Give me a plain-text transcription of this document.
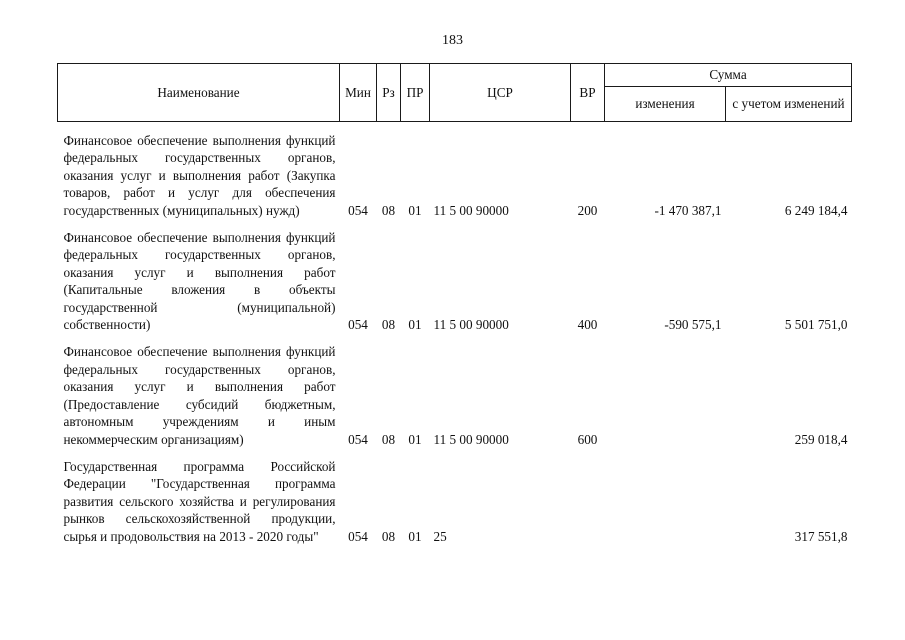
183
Наименование	Мин	Рз	ПР	ЦСР	ВР	Сумма	
						изменения	с учетом изменений

Финансовое обеспечение выполнения функций федеральных государственных органов, оказания услуг и выполнения работ (Закупка товаров, работ и услуг для обеспечения государственных (муниципальных) нужд)	054	08	01	11 5 00 90000	200	-1 470 387,1	6 249 184,4

Финансовое обеспечение выполнения функций федеральных государственных органов, оказания услуг и выполнения работ (Капитальные вложения в объекты государственной (муниципальной) собственности)	054	08	01	11 5 00 90000	400	-590 575,1	5 501 751,0

Финансовое обеспечение выполнения функций федеральных государственных органов, оказания услуг и выполнения работ (Предоставление субсидий бюджетным, автономным учреждениям и иным некоммерческим организациям)	054	08	01	11 5 00 90000	600		259 018,4

Государственная программа Российской Федерации "Государственная программа развития сельского хозяйства и регулирования рынков сельскохозяйственной продукции, сырья и продовольствия на 2013 - 2020 годы"	054	08	01	25			317 551,8
